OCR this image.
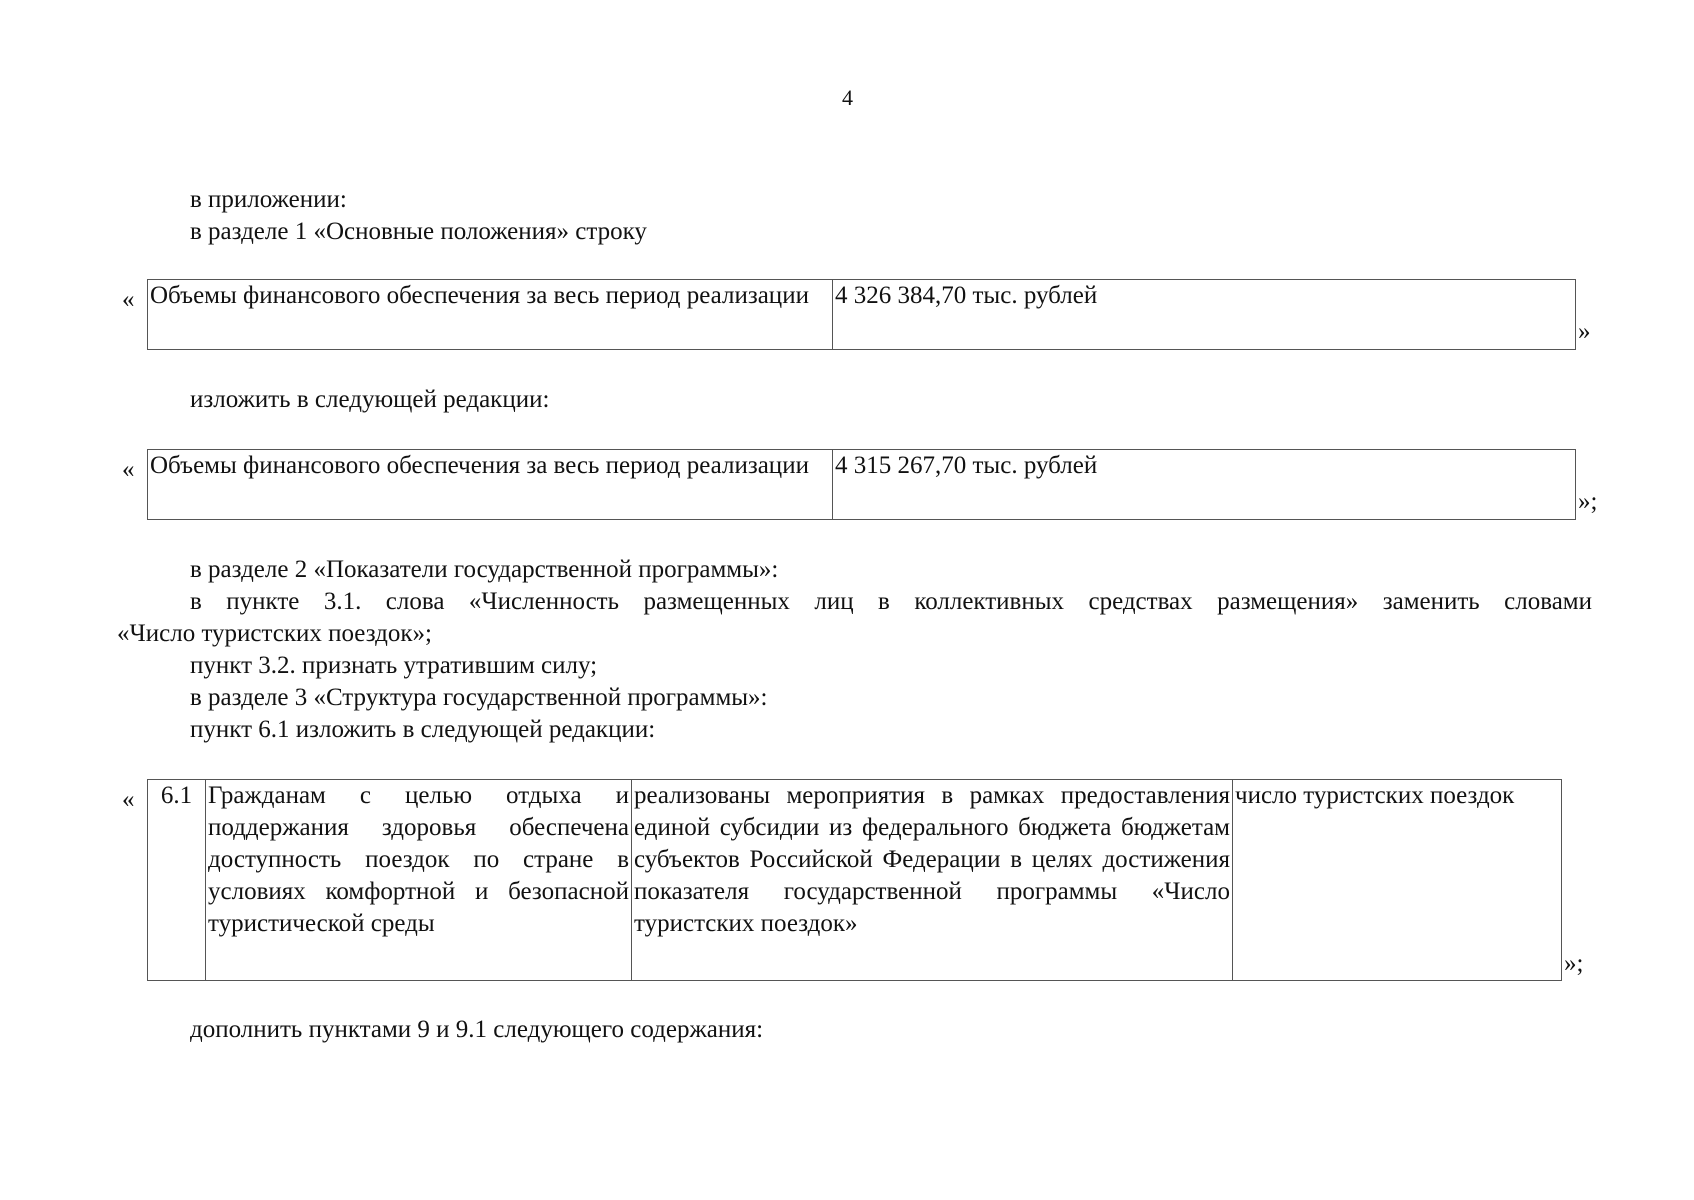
4
в приложении:
в разделе 1 «Основные положения» строку
« Объемы финансового обеспечения за весь период реализации	4 326 384,70 тыс. рублей
»
изложить в следующей редакции:
« Объемы финансового обеспечения за весь период реализации	4 315 267,70 тыс. рублей
»;
в разделе 2 «Показатели государственной программы»:
в пункте 3.1. слова «Численность размещенных лиц в коллективных средствах размещения» заменить словами
«Число туристских поездок»;
пункт 3.2. признать утратившим силу;
в разделе 3 «Структура государственной программы»:
пункт 6.1 изложить в следующей редакции:
« 6.1	Гражданам с целью отдыха и поддержания здоровья обеспечена доступность поездок по стране в условиях комфортной и безопасной туристической среды	реализованы мероприятия в рамках предоставления единой субсидии из федерального бюджета бюджетам субъектов Российской Федерации в целях достижения показателя государственной программы «Число туристских поездок»	число туристских поездок
»;
дополнить пунктами 9 и 9.1 следующего содержания:
